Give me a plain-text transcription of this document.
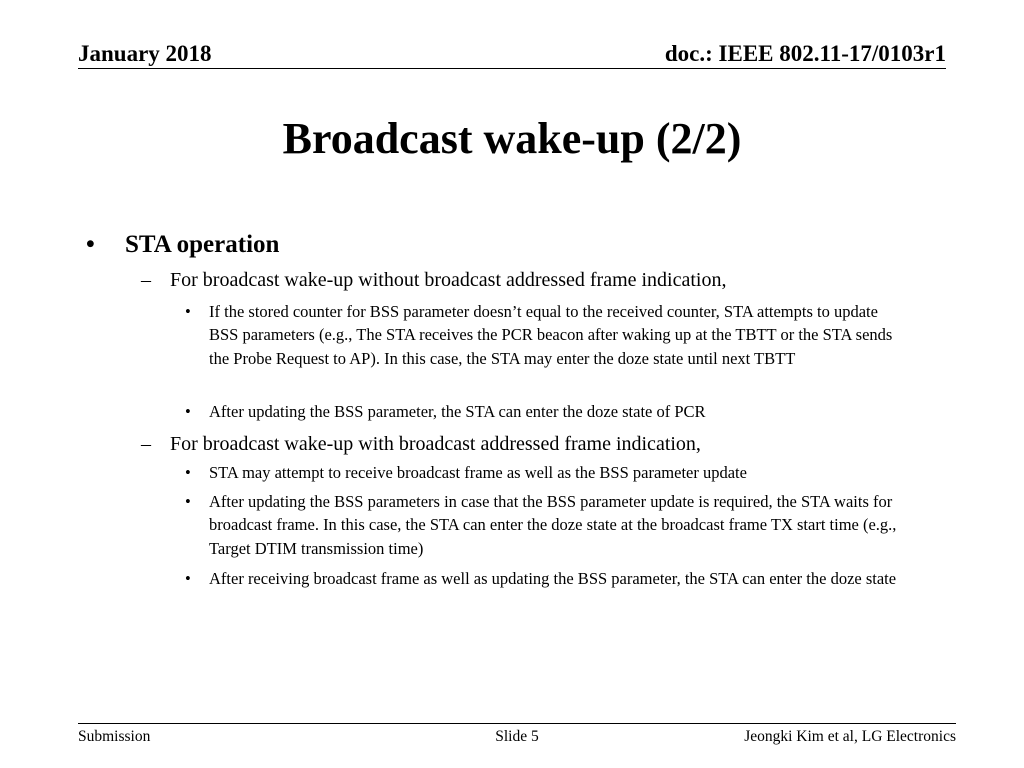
January 2018	doc.: IEEE 802.11-17/0103r1
Broadcast wake-up (2/2)
• STA operation
– For broadcast wake-up without broadcast addressed frame indication,
• If the stored counter for BSS parameter doesn’t equal to the received counter, STA attempts to update BSS parameters (e.g., The STA receives the PCR beacon after waking up at the TBTT or the STA sends the Probe Request to AP). In this case, the STA may enter the doze state until next TBTT
• After updating the BSS parameter, the STA can enter the doze state of PCR
– For broadcast wake-up with broadcast addressed frame indication,
• STA may attempt to receive broadcast frame as well as the BSS parameter update
• After updating the BSS parameters in case that the BSS parameter update is required, the STA waits for broadcast frame. In this case, the STA can enter the doze state at the broadcast frame TX start time (e.g., Target DTIM transmission time)
• After receiving broadcast frame as well as updating the BSS parameter, the STA can enter the doze state
Submission	Slide 5	Jeongki Kim et al, LG Electronics
